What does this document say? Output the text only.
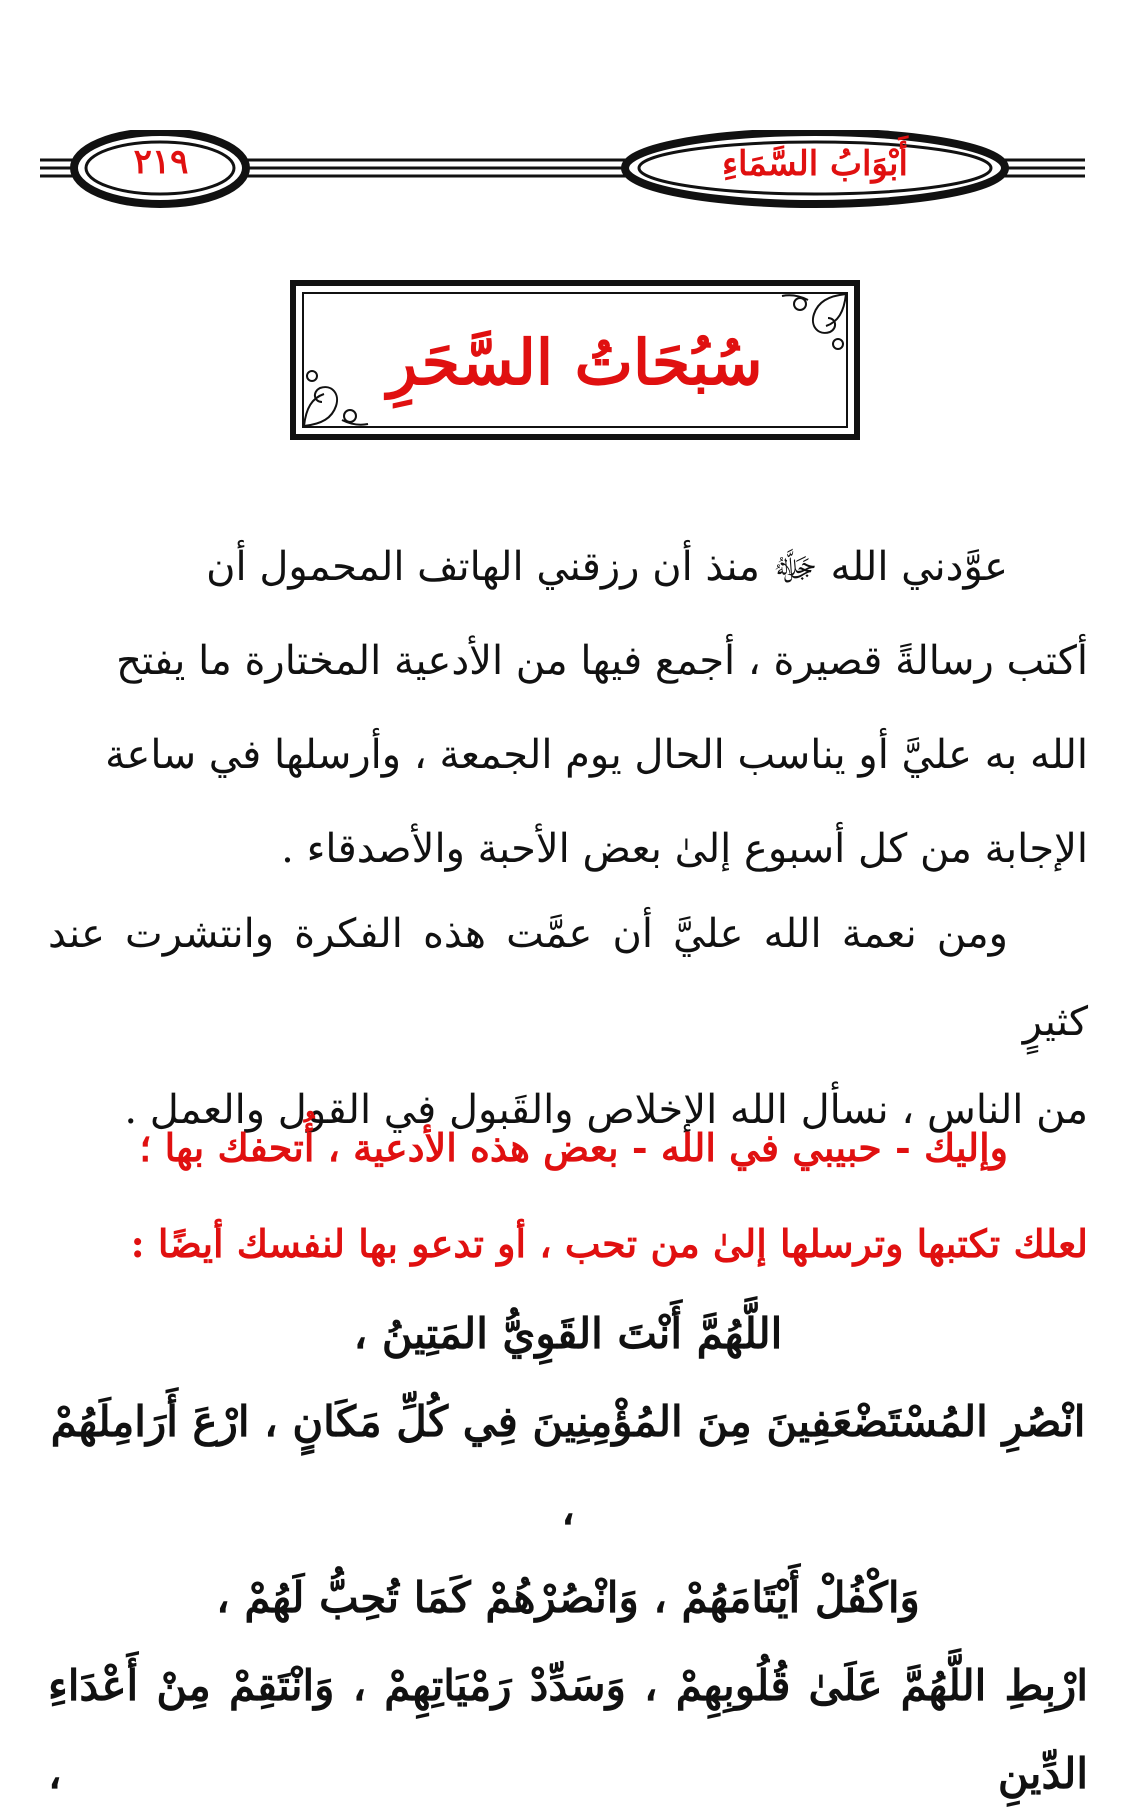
أَبْوَابُ السَّمَاءِ
٢١٩
سُبُحَاتُ السَّحَرِ

عوَّدني الله ﷻ منذ أن رزقني الهاتف المحمول أن

أكتب رسالةً قصيرة ، أجمع فيها من الأدعية المختارة ما يفتح

الله به عليَّ أو يناسب الحال يوم الجمعة ، وأرسلها في ساعة

الإجابة من كل أسبوع إلىٰ بعض الأحبة والأصدقاء .

ومن نعمة الله عليَّ أن عمَّت هذه الفكرة وانتشرت عند كثيرٍ

من الناس ، نسأل الله الإخلاص والقَبول في القول والعمل .

وإليك - حبيبي في الله - بعض هذه الأدعية ، أُتحفك بها ؛

لعلك تكتبها وترسلها إلىٰ من تحب ، أو تدعو بها لنفسك أيضًا :

اللَّهُمَّ أَنْتَ القَوِيُّ المَتِينُ ،

انْصُرِ المُسْتَضْعَفِينَ مِنَ المُؤْمِنِينَ فِي كُلِّ مَكَانٍ ، ارْعَ أَرَامِلَهُمْ ،

وَاكْفُلْ أَيْتَامَهُمْ ، وَانْصُرْهُمْ كَمَا تُحِبُّ لَهُمْ ،

ارْبِطِ اللَّهُمَّ عَلَىٰ قُلُوبِهِمْ ، وَسَدِّدْ رَمْيَاتِهِمْ ، وَانْتَقِمْ مِنْ أَعْدَاءِ الدِّينِ ،
